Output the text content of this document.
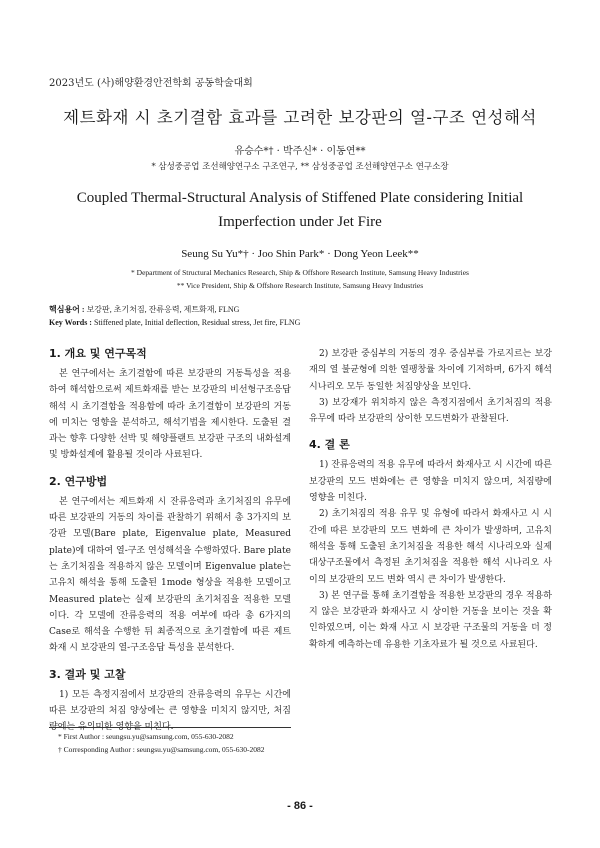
2023년도 (사)해양환경안전학회 공동학술대회
제트화재 시 초기결함 효과를 고려한 보강판의 열-구조 연성해석
유승수*† · 박주신* · 이동연**
* 삼성중공업 조선해양연구소 구조연구, ** 삼성중공업 조선해양연구소 연구소장
Coupled Thermal-Structural Analysis of Stiffened Plate considering Initial
Imperfection under Jet Fire
Seung Su Yu*† · Joo Shin Park* · Dong Yeon Leek**
* Department of Structural Mechanics Research, Ship & Offshore Research Institute, Samsung Heavy Industries
** Vice President, Ship & Offshore Research Institute, Samsung Heavy Industries
핵심용어 : 보강판, 초기처짐, 잔류응력, 제트화재, FLNG
Key Words : Stiffened plate, Initial deflection, Residual stress, Jet fire, FLNG
1. 개요 및 연구목적

본 연구에서는 초기결함에 따른 보강판의 거동특성을 적용하여 해석함으로써 제트화재를 받는 보강판의 비선형구조응답해석 시 초기결함을 적용함에 따라 초기결함이 보강판의 거동에 미치는 영향을 분석하고, 해석기법을 제시한다. 도출된 결과는 향후 다양한 선박 및 해양플랜트 보강판 구조의 내화설계 및 방화설계에 활용될 것이라 사료된다.

2. 연구방법

본 연구에서는 제트화재 시 잔류응력과 초기처짐의 유무에 따른 보강판의 거동의 차이를 관찰하기 위해서 총 3가지의 보강판 모델(Bare plate, Eigenvalue plate, Measured plate)에 대하여 열-구조 연성해석을 수행하였다. Bare plate는 초기처짐을 적용하지 않은 모델이며 Eigenvalue plate는 고유치 해석을 통해 도출된 1mode 형상을 적용한 모델이고 Measured plate는 실제 보강판의 초기처짐을 적용한 모델이다. 각 모델에 잔류응력의 적용 여부에 따라 총 6가지의 Case로 해석을 수행한 뒤 최종적으로 초기결함에 따른 제트화재 시 보강판의 열-구조응답 특성을 분석한다.

3. 결과 및 고찰

1) 모든 측정지점에서 보강판의 잔류응력의 유무는 시간에 따른 보강판의 처짐 양상에는 큰 영향을 미치지 않지만, 처짐량에는 유의미한 영향을 미친다.

2) 보강판 중심부의 거동의 경우 중심부를 가로지르는 보강재의 열 불균형에 의한 열팽창률 차이에 기저하며, 6가지 해석 시나리오 모두 동일한 처짐양상을 보인다.

3) 보강재가 위치하지 않은 측정지점에서 초기처짐의 적용 유무에 따라 보강판의 상이한 모드변화가 관찰된다.

4. 결 론

1) 잔류응력의 적용 유무에 따라서 화재사고 시 시간에 따른 보강판의 모드 변화에는 큰 영향을 미치지 않으며, 처짐량에 영향을 미친다.

2) 초기처짐의 적용 유무 및 유형에 따라서 화재사고 시 시간에 따른 보강판의 모드 변화에 큰 차이가 발생하며, 고유치 해석을 통해 도출된 초기처짐을 적용한 해석 시나리오와 실제 대상구조물에서 측정된 초기처짐을 적용한 해석 시나리오 사이의 보강판의 모드 변화 역시 큰 차이가 발생한다.

3) 본 연구를 통해 초기결함을 적용한 보강판의 경우 적용하지 않은 보강판과 화재사고 시 상이한 거동을 보이는 것을 확인하였으며, 이는 화재 사고 시 보강판 구조물의 거동을 더 정확하게 예측하는데 유용한 기초자료가 될 것으로 사료된다.

* First Author : seungsu.yu@samsung.com, 055-630-2082
† Corresponding Author : seungsu.yu@samsung.com, 055-630-2082
- 86 -
